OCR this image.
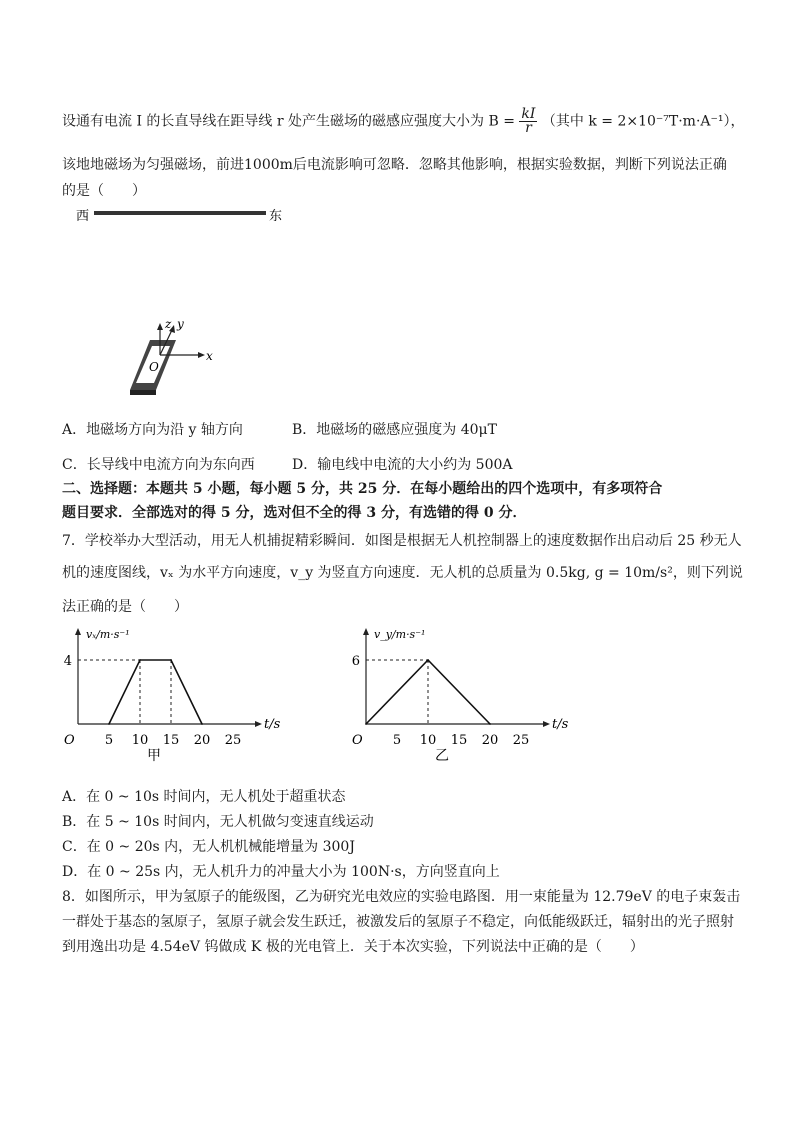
设通有电流 I 的长直导线在距导线 r 处产生磁场的磁感应强度大小为 $B = \frac{kI}{r}$ （其中 k = 2×10⁻⁷T·m·A⁻¹），
该地地磁场为匀强磁场，前进1000m后电流影响可忽略．忽略其他影响，根据实验数据，判断下列说法正确
的是（　　）
西	东
z y
x
O
A．地磁场方向为沿 y 轴方向	B．地磁场的磁感应强度为 40μT
C．长导线中电流方向为东向西	D．输电线中电流的大小约为 500A
二、选择题：本题共 5 小题，每小题 5 分，共 25 分．在每小题给出的四个选项中，有多项符合
题目要求．全部选对的得 5 分，选对但不全的得 3 分，有选错的得 0 分．
7．学校举办大型活动，用无人机捕捉精彩瞬间．如图是根据无人机控制器上的速度数据作出启动后 25 秒无人
机的速度图线，vₓ 为水平方向速度，v_y 为竖直方向速度．无人机的总质量为 0.5kg, g = 10m/s²，则下列说
法正确的是（　　）
vₓ/m·s⁻¹
t/s
O 5 10 15 20 25
4
甲
v_y/m·s⁻¹
t/s
O 5 10 15 20 25
6
乙
A．在 0 ~ 10s 时间内，无人机处于超重状态
B．在 5 ~ 10s 时间内，无人机做匀变速直线运动
C．在 0 ~ 20s 内，无人机机械能增量为 300J
D．在 0 ~ 25s 内，无人机升力的冲量大小为 100N·s，方向竖直向上
8．如图所示，甲为氢原子的能级图，乙为研究光电效应的实验电路图．用一束能量为 12.79eV 的电子束轰击
一群处于基态的氢原子，氢原子就会发生跃迁，被激发后的氢原子不稳定，向低能级跃迁，辐射出的光子照射
到用逸出功是 4.54eV 钨做成 K 极的光电管上．关于本次实验，下列说法中正确的是（　　）
